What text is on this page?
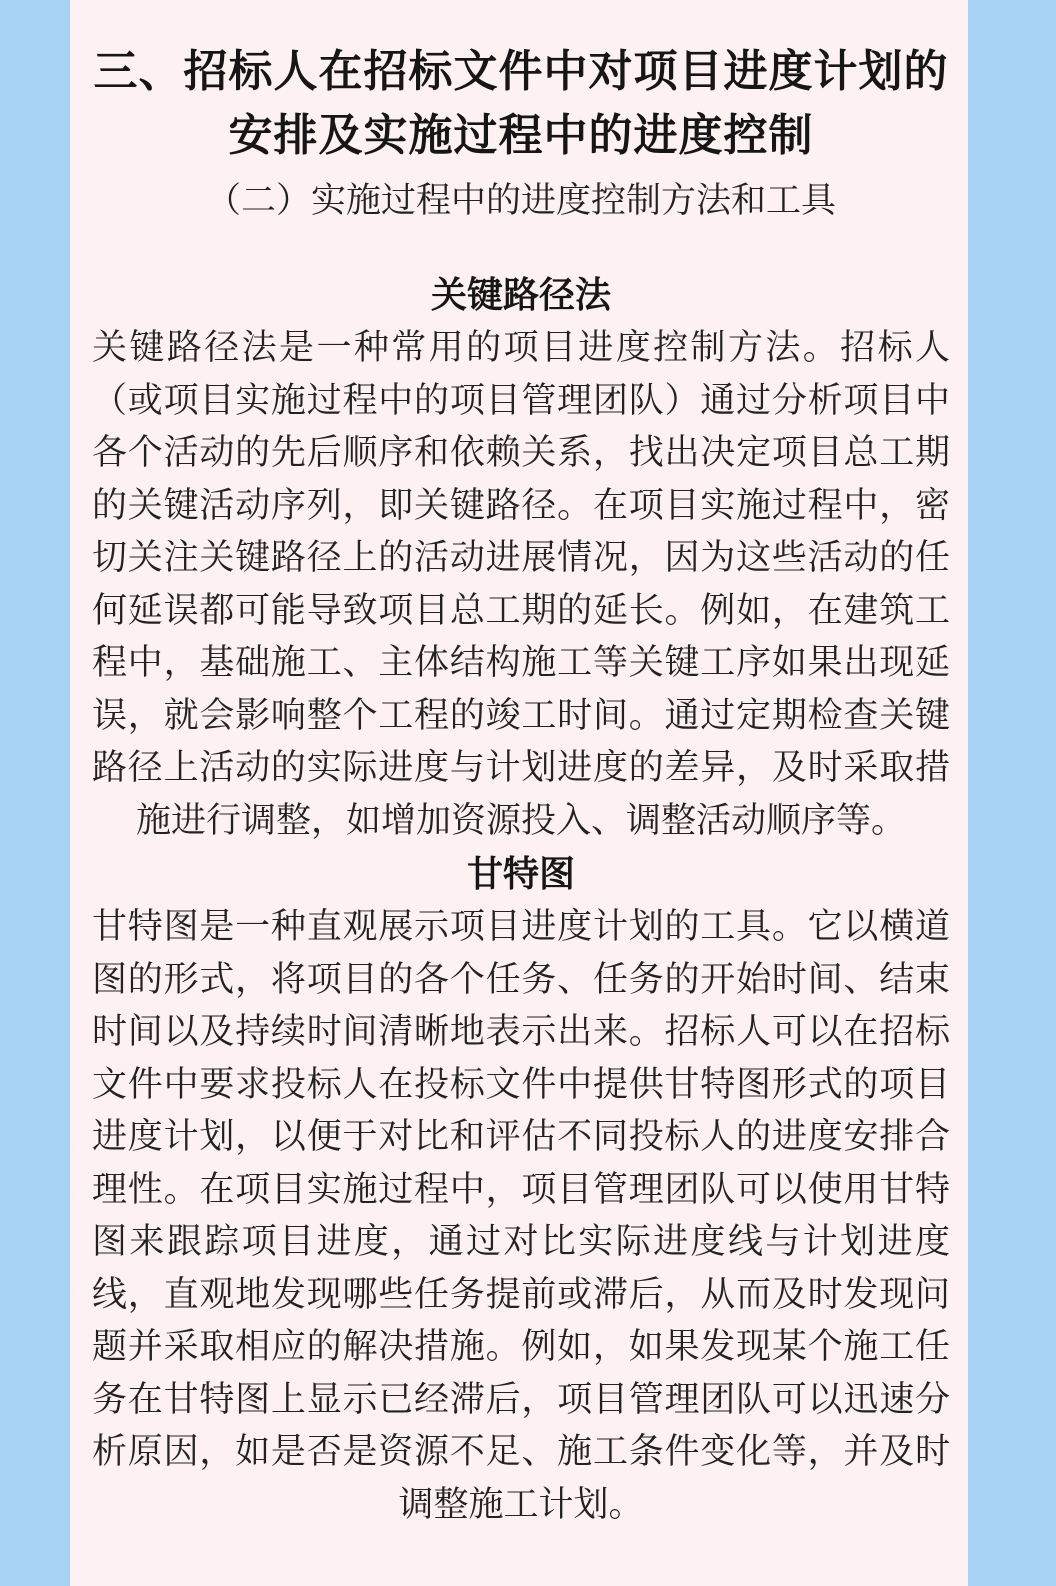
三、招标人在招标文件中对项目进度计划的安排及实施过程中的进度控制
（二）实施过程中的进度控制方法和工具
关键路径法

关键路径法是一种常用的项目进度控制方法。招标人（或项目实施过程中的项目管理团队）通过分析项目中各个活动的先后顺序和依赖关系，找出决定项目总工期的关键活动序列，即关键路径。在项目实施过程中，密切关注关键路径上的活动进展情况，因为这些活动的任何延误都可能导致项目总工期的延长。例如，在建筑工程中，基础施工、主体结构施工等关键工序如果出现延误，就会影响整个工程的竣工时间。通过定期检查关键路径上活动的实际进度与计划进度的差异，及时采取措施进行调整，如增加资源投入、调整活动顺序等。

甘特图

甘特图是一种直观展示项目进度计划的工具。它以横道图的形式，将项目的各个任务、任务的开始时间、结束时间以及持续时间清晰地表示出来。招标人可以在招标文件中要求投标人在投标文件中提供甘特图形式的项目进度计划，以便于对比和评估不同投标人的进度安排合理性。在项目实施过程中，项目管理团队可以使用甘特图来跟踪项目进度，通过对比实际进度线与计划进度线，直观地发现哪些任务提前或滞后，从而及时发现问题并采取相应的解决措施。例如，如果发现某个施工任务在甘特图上显示已经滞后，项目管理团队可以迅速分析原因，如是否是资源不足、施工条件变化等，并及时调整施工计划。
